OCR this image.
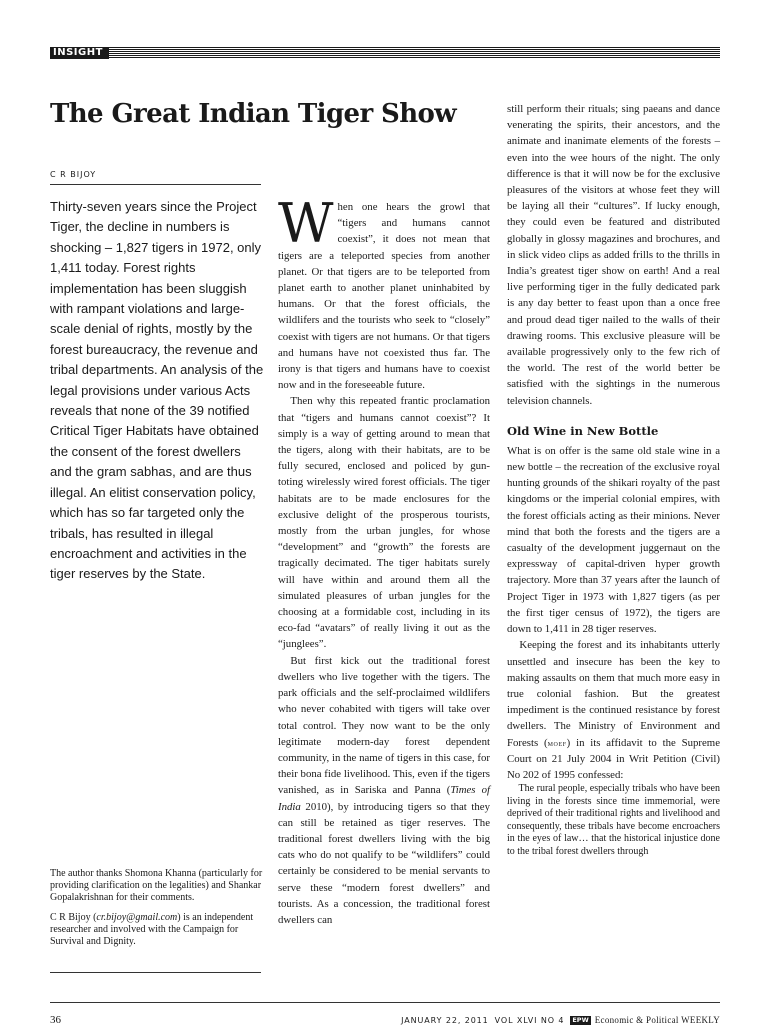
INSIGHT
The Great Indian Tiger Show
C R BIJOY

Thirty-seven years since the Project Tiger, the decline in numbers is shocking – 1,827 tigers in 1972, only 1,411 today. Forest rights implementation has been sluggish with rampant violations and large-scale denial of rights, mostly by the forest bureaucracy, the revenue and tribal departments. An analysis of the legal provisions under various Acts reveals that none of the 39 notified Critical Tiger Habitats have obtained the consent of the forest dwellers and the gram sabhas, and are thus illegal. An elitist conservation policy, which has so far targeted only the tribals, has resulted in illegal encroachment and activities in the tiger reserves by the State.

The author thanks Shomona Khanna (particularly for providing clarification on the legalities) and Shankar Gopalakrishnan for their comments.

C R Bijoy (cr.bijoy@gmail.com) is an independent researcher and involved with the Campaign for Survival and Dignity.

When one hears the growl that “tigers and humans cannot coexist”, it does not mean that tigers are a teleported species from another planet. Or that tigers are to be teleported from planet earth to another planet uninhabited by humans. Or that the forest officials, the wildlifers and the tourists who seek to “closely” coexist with tigers are not humans. Or that tigers and humans have not coexisted thus far. The irony is that tigers and humans have to coexist now and in the foreseeable future.

Then why this repeated frantic proclamation that “tigers and humans cannot coexist”? It simply is a way of getting around to mean that the tigers, along with their habitats, are to be fully secured, enclosed and policed by gun-toting wirelessly wired forest officials. The tiger habitats are to be made enclosures for the exclusive delight of the prosperous tourists, mostly from the urban jungles, for whose “development” and “growth” the forests are tragically decimated. The tiger habitats surely will have within and around them all the simulated pleasures of urban jungles for the choosing at a formidable cost, including in its eco-fad “avatars” of really living it out as the “junglees”.

But first kick out the traditional forest dwellers who live together with the tigers. The park officials and the self-proclaimed wildlifers who never cohabited with tigers will take over total control. They now want to be the only legitimate modern-day forest dependent community, in the name of tigers in this case, for their bona fide livelihood. This, even if the tigers vanished, as in Sariska and Panna (Times of India 2010), by introducing tigers so that they can still be retained as tiger reserves. The traditional forest dwellers living with the big cats who do not qualify to be “wildlifers” could certainly be considered to be menial servants to serve these “modern forest dwellers” and tourists. As a concession, the traditional forest dwellers can

still perform their rituals; sing paeans and dance venerating the spirits, their ancestors, and the animate and inanimate elements of the forests – even into the wee hours of the night. The only difference is that it will now be for the exclusive pleasures of the visitors at whose feet they will be laying all their “cultures”. If lucky enough, they could even be featured and distributed globally in glossy magazines and brochures, and in slick video clips as added frills to the thrills in India’s greatest tiger show on earth! And a real live performing tiger in the fully dedicated park is any day better to feast upon than a once free and proud dead tiger nailed to the walls of their drawing rooms. This exclusive pleasure will be available progressively only to the few rich of the world. The rest of the world better be satisfied with the sightings in the numerous television channels.

Old Wine in New Bottle

What is on offer is the same old stale wine in a new bottle – the recreation of the exclusive royal hunting grounds of the shikari royalty of the past kingdoms or the imperial colonial empires, with the forest officials acting as their minions. Never mind that both the forests and the tigers are a casualty of the development juggernaut on the expressway of capital-driven hyper growth trajectory. More than 37 years after the launch of Project Tiger in 1973 with 1,827 tigers (as per the first tiger census of 1972), the tigers are down to 1,411 in 28 tiger reserves.

Keeping the forest and its inhabitants utterly unsettled and insecure has been the key to making assaults on them that much more easy in true colonial fashion. But the greatest impediment is the continued resistance by forest dwellers. The Ministry of Environment and Forests (moef) in its affidavit to the Supreme Court on 21 July 2004 in Writ Petition (Civil) No 202 of 1995 confessed:

The rural people, especially tribals who have been living in the forests since time immemorial, were deprived of their traditional rights and livelihood and consequently, these tribals have become encroachers in the eyes of law… that the historical injustice done to the tribal forest dwellers through

36	JANUARY 22, 2011 VOL XLVI NO 4 EPW Economic & Political WEEKLY
